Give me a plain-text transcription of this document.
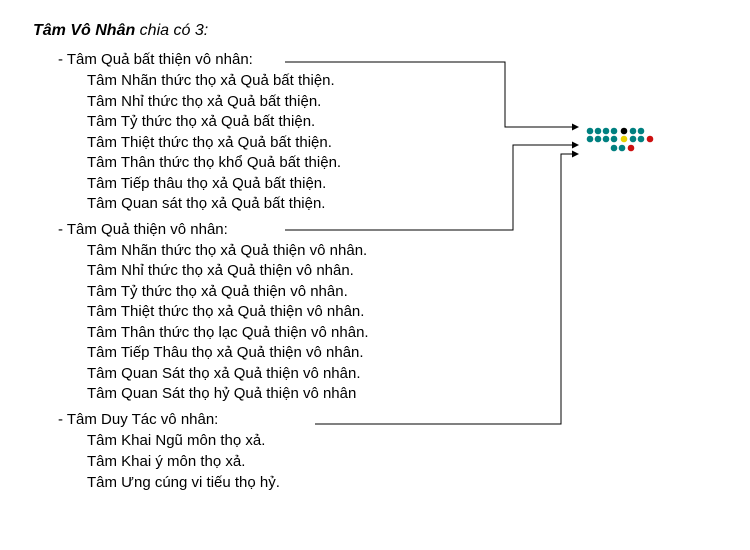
Tâm Vô Nhân chia có 3:
- Tâm Quả bất thiện vô nhân:
Tâm Nhãn thức thọ xả Quả bất thiện.
Tâm Nhỉ thức thọ xả Quả bất thiện.
Tâm Tỷ thức thọ xả Quả bất thiện.
Tâm Thiệt thức thọ xả Quả bất thiện.
Tâm Thân thức thọ khổ Quả bất thiện.
Tâm Tiếp thâu thọ xả Quả bất thiện.
Tâm Quan sát thọ xả Quả bất thiện.
- Tâm Quả thiện vô nhân:
Tâm Nhãn thức thọ xả Quả thiện vô nhân.
Tâm Nhỉ thức thọ xả Quả thiện vô nhân.
Tâm Tỷ thức thọ xả Quả thiện vô nhân.
Tâm Thiệt thức thọ xả Quả thiện vô nhân.
Tâm Thân thức thọ lạc Quả thiện vô nhân.
Tâm Tiếp Thâu thọ xả Quả thiện vô nhân.
Tâm Quan Sát thọ xả Quả thiện vô nhân.
Tâm Quan Sát thọ hỷ Quả thiện vô nhân
- Tâm Duy Tác vô nhân:
Tâm Khai Ngũ môn thọ xả.
Tâm Khai ý môn thọ xả.
Tâm Ưng cúng vi tiếu thọ hỷ.
